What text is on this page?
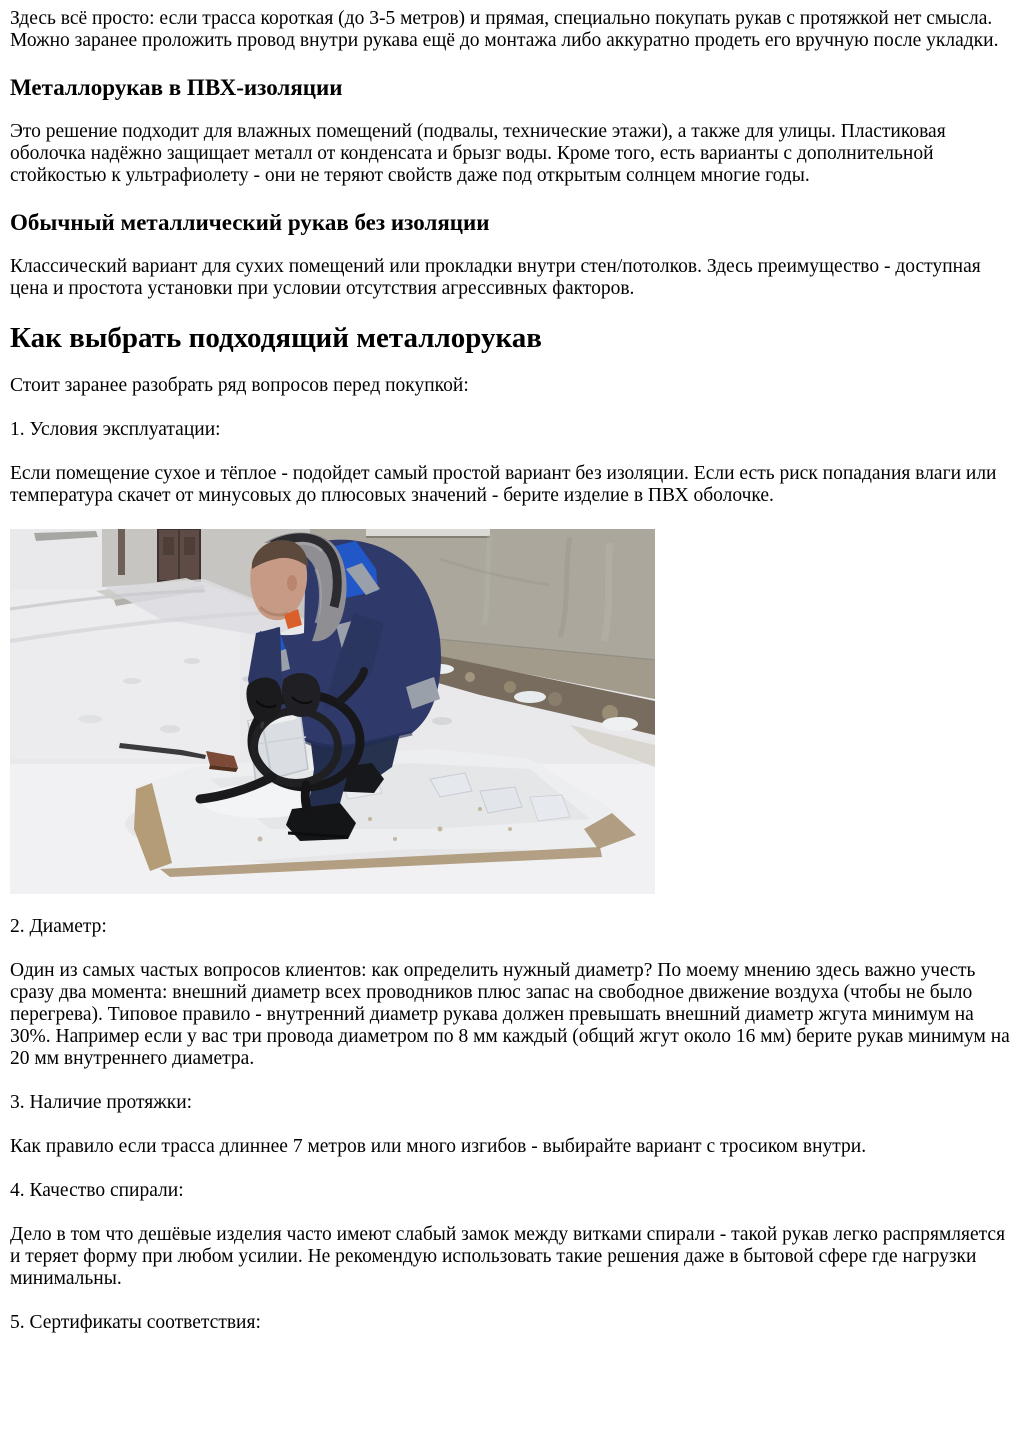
Здесь всё просто: если трасса короткая (до 3-5 метров) и прямая, специально покупать рукав с протяжкой нет смысла. Можно заранее проложить провод внутри рукава ещё до монтажа либо аккуратно продеть его вручную после укладки.

Металлорукав в ПВХ-изоляции

Это решение подходит для влажных помещений (подвалы, технические этажи), а также для улицы. Пластиковая оболочка надёжно защищает металл от конденсата и брызг воды. Кроме того, есть варианты с дополнительной стойкостью к ультрафиолету - они не теряют свойств даже под открытым солнцем многие годы.

Обычный металлический рукав без изоляции

Классический вариант для сухих помещений или прокладки внутри стен/потолков. Здесь преимущество - доступная цена и простота установки при условии отсутствия агрессивных факторов.

Как выбрать подходящий металлорукав

Стоит заранее разобрать ряд вопросов перед покупкой:

1. Условия эксплуатации:

Если помещение сухое и тёплое - подойдет самый простой вариант без изоляции. Если есть риск попадания влаги или температура скачет от минусовых до плюсовых значений - берите изделие в ПВХ оболочке.

2. Диаметр:

Один из самых частых вопросов клиентов: как определить нужный диаметр? По моему мнению здесь важно учесть сразу два момента: внешний диаметр всех проводников плюс запас на свободное движение воздуха (чтобы не было перегрева). Типовое правило - внутренний диаметр рукава должен превышать внешний диаметр жгута минимум на 30%. Например если у вас три провода диаметром по 8 мм каждый (общий жгут около 16 мм) берите рукав минимум на 20 мм внутреннего диаметра.

3. Наличие протяжки:

Как правило если трасса длиннее 7 метров или много изгибов - выбирайте вариант с тросиком внутри.

4. Качество спирали:

Дело в том что дешёвые изделия часто имеют слабый замок между витками спирали - такой рукав легко распрямляется и теряет форму при любом усилии. Не рекомендую использовать такие решения даже в бытовой сфере где нагрузки минимальны.

5. Сертификаты соответствия:
